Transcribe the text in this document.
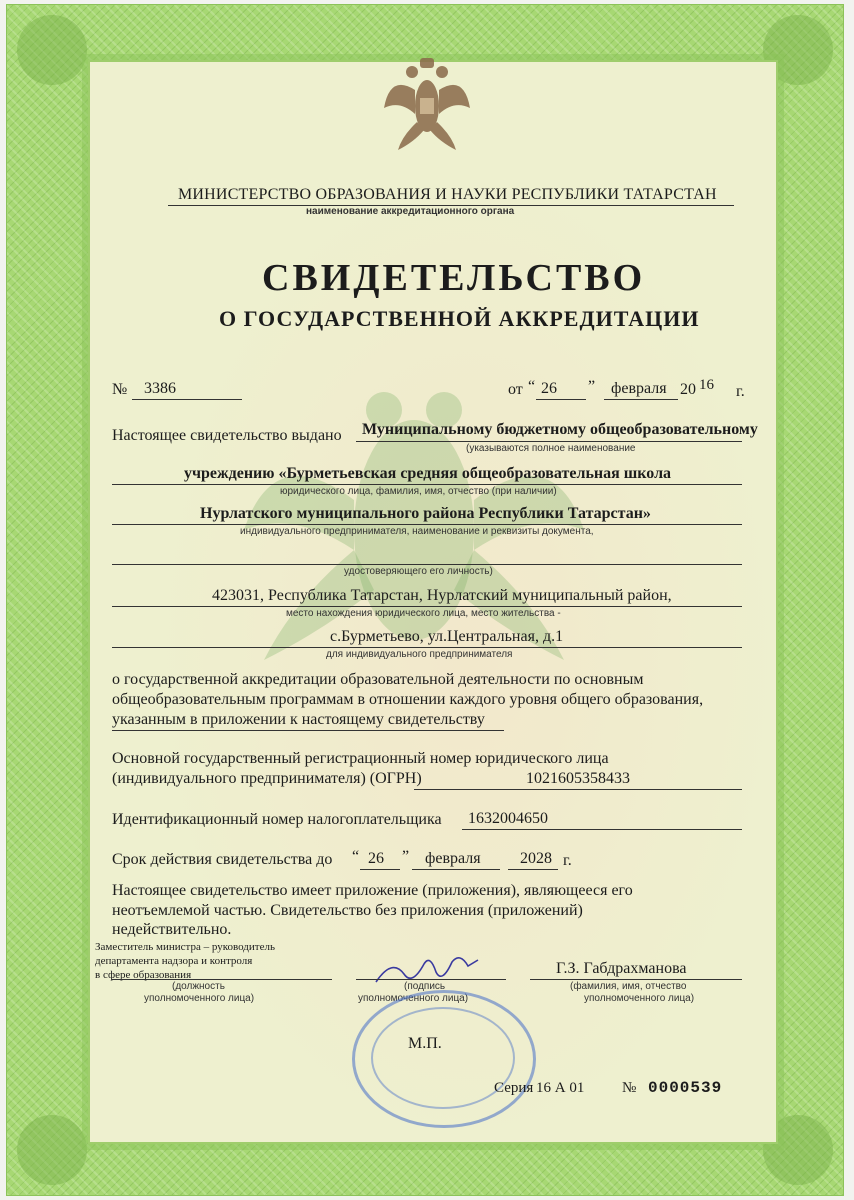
МИНИСТЕРСТВО ОБРАЗОВАНИЯ И НАУКИ РЕСПУБЛИКИ ТАТАРСТАН
наименование аккредитационного органа
СВИДЕТЕЛЬСТВО
О ГОСУДАРСТВЕННОЙ АККРЕДИТАЦИИ
№ 3386	от “ 26 ” февраля 20 16 г.
Настоящее свидетельство выдано Муниципальному бюджетному общеобразовательному
(указываются полное наименование
учреждению «Бурметьевская средняя общеобразовательная школа
юридического лица, фамилия, имя, отчество (при наличии)
Нурлатского муниципального района Республики Татарстан»
индивидуального предпринимателя, наименование и реквизиты документа,
удостоверяющего его личность)
423031, Республика Татарстан, Нурлатский муниципальный район,
место нахождения юридического лица, место жительства -
с.Бурметьево, ул.Центральная, д.1
для индивидуального предпринимателя
о государственной аккредитации образовательной деятельности по основным
общеобразовательным программам в отношении каждого уровня общего образования,
указанным в приложении к настоящему свидетельству
Основной государственный регистрационный номер юридического лица
(индивидуального предпринимателя) (ОГРН)	1021605358433
Идентификационный номер налогоплательщика 1632004650
Срок действия свидетельства до “ 26 ” февраля 2028 г.
Настоящее свидетельство имеет приложение (приложения), являющееся его
неотъемлемой частью. Свидетельство без приложения (приложений)
недействительно.
Заместитель министра – руководитель
департамента надзора и контроля
в сфере образования
(должность
уполномоченного лица)
(подпись
уполномоченного лица)
Г.З. Габдрахманова
(фамилия, имя, отчество
уполномоченного лица)
М.П.
Серия 16 А 01	№ 0000539
